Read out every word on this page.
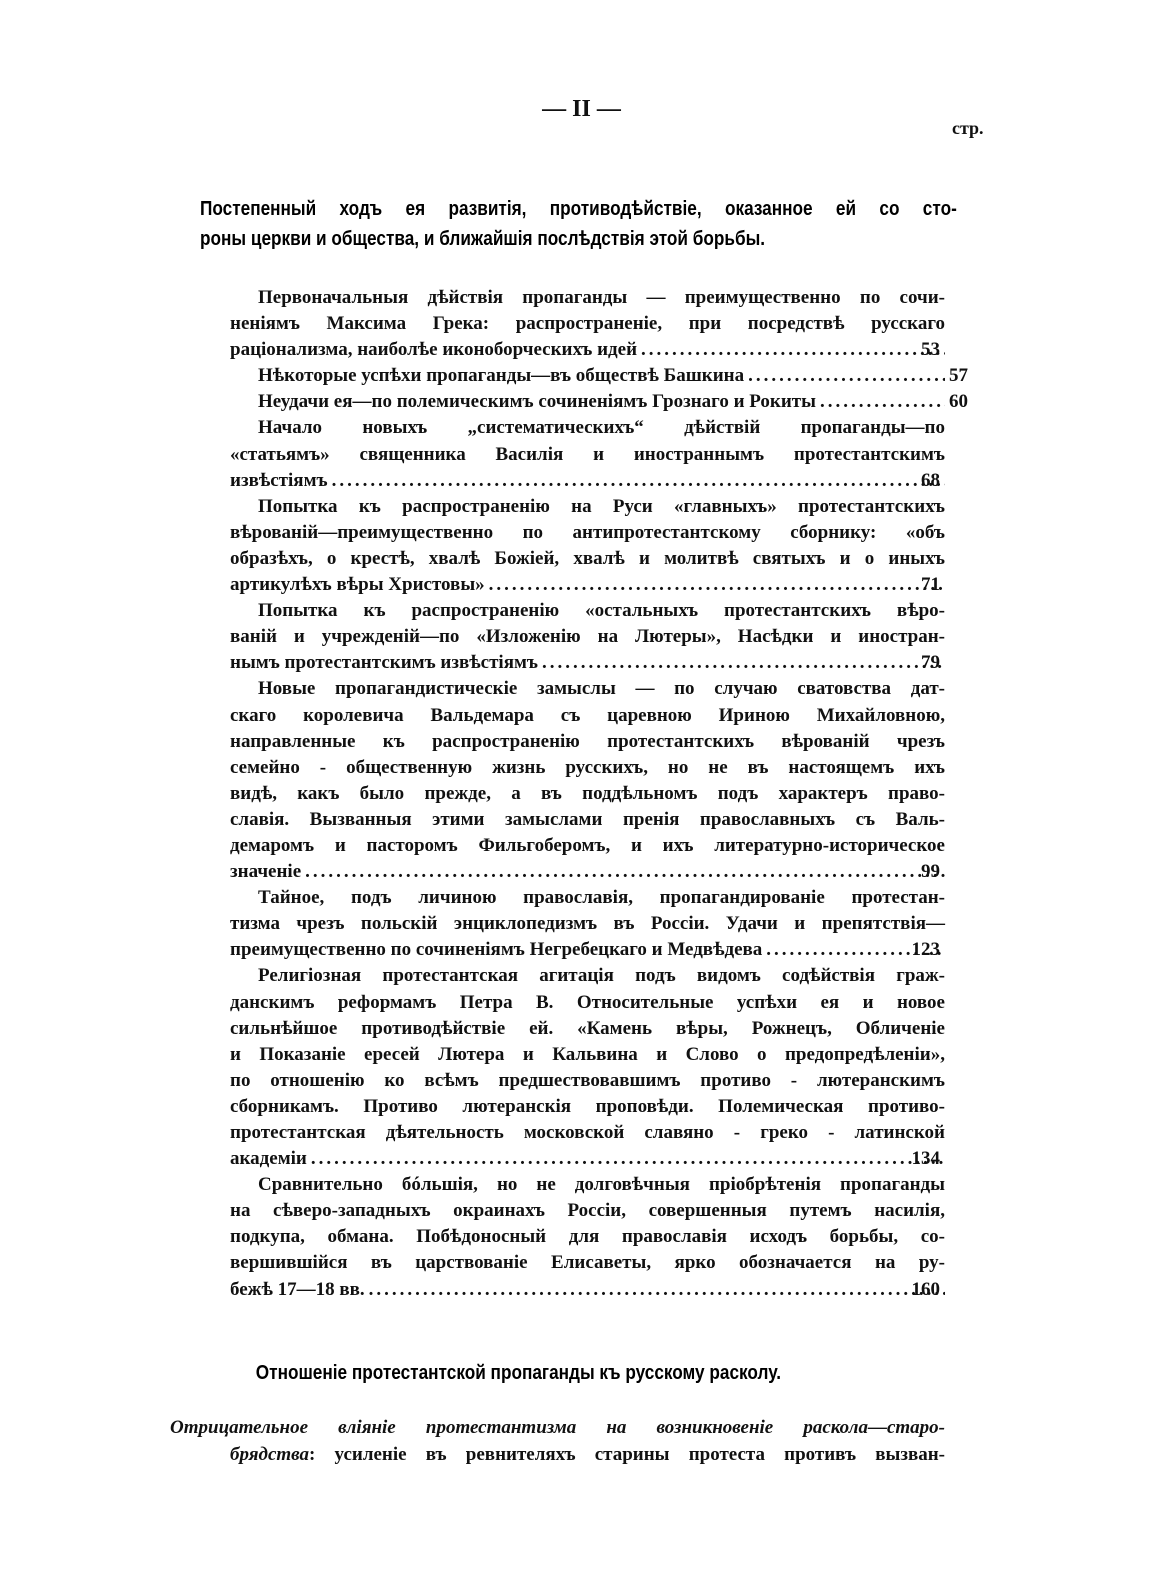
— II —
стр.
Постепенный ходъ ея развитія, противодѣйствіе, оказанное ей со сто-
роны церкви и общества, и ближайшія послѣдствія этой борьбы.
Первоначальныя дѣйствія пропаганды — преимущественно по сочи-
неніямъ Максима Грека: распространеніе, при посредствѣ русскаго
раціонализма, наиболѣе иконоборческихъ идей .....	53
Нѣкоторые успѣхи пропаганды—въ обществѣ Башкина .....	57
Неудачи ея—по полемическимъ сочиненіямъ Грознаго и Рокиты .....	60
Начало новыхъ „систематическихъ“ дѣйствій пропаганды—по
«статьямъ» священника Василія и иностраннымъ протестантскимъ
извѣстіямъ .....	68
Попытка къ распространенію на Руси «главныхъ» протестантскихъ
вѣрованій—преимущественно по антипротестантскому сборнику: «объ
образѣхъ, о крестѣ, хвалѣ Божіей, хвалѣ и молитвѣ святыхъ и о иныхъ
артикулѣхъ вѣры Христовы» .....	71
Попытка къ распространенію «остальныхъ протестантскихъ вѣро-
ваній и учрежденій—по «Изложенію на Лютеры», Насѣдки и иностран-
нымъ протестантскимъ извѣстіямъ .....	79
Новые пропагандистическіе замыслы — по случаю сватовства дат-
скаго королевича Вальдемара съ царевною Ириною Михайловною,
направленные къ распространенію протестантскихъ вѣрованій чрезъ
семейно - общественную жизнь русскихъ, но не въ настоящемъ ихъ
видѣ, какъ было прежде, а въ поддѣльномъ подъ характеръ право-
славія. Вызванныя этими замыслами пренія православныхъ съ Валь-
демаромъ и пасторомъ Фильгоберомъ, и ихъ литературно-историческое
значеніе .....	99
Тайное, подъ личиною православія, пропагандированіе протестан-
тизма чрезъ польскій энциклопедизмъ въ Россіи. Удачи и препятствія—
преимущественно по сочиненіямъ Негребецкаго и Медвѣдева .....	123
Религіозная протестантская агитація подъ видомъ содѣйствія граж-
данскимъ реформамъ Петра В. Относительные успѣхи ея и новое
сильнѣйшое противодѣйствіе ей. «Камень вѣры, Рожнецъ, Обличеніе
и Показаніе ересей Лютера и Кальвина и Слово о предопредѣленіи»,
по отношенію ко всѣмъ предшествовавшимъ противо - лютеранскимъ
сборникамъ. Противо лютеранскія проповѣди. Полемическая противо-
протестантская дѣятельность московской славяно - греко - латинской
академіи .....	134
Сравнительно бóльшія, но не долговѣчныя пріобрѣтенія пропаганды
на сѣверо-западныхъ окраинахъ Россіи, совершенныя путемъ насилія,
подкупа, обмана. Побѣдоносный для православія исходъ борьбы, со-
вершившійся въ царствованіе Елисаветы, ярко обозначается на ру-
бежѣ 17—18 вв. .....	160
Отношеніе протестантской пропаганды къ русскому расколу.
Отрицательное вліяніе протестантизма на возникновеніе раскола—старо-
брядства: усиленіе въ ревнителяхъ старины протеста противъ вызван-
